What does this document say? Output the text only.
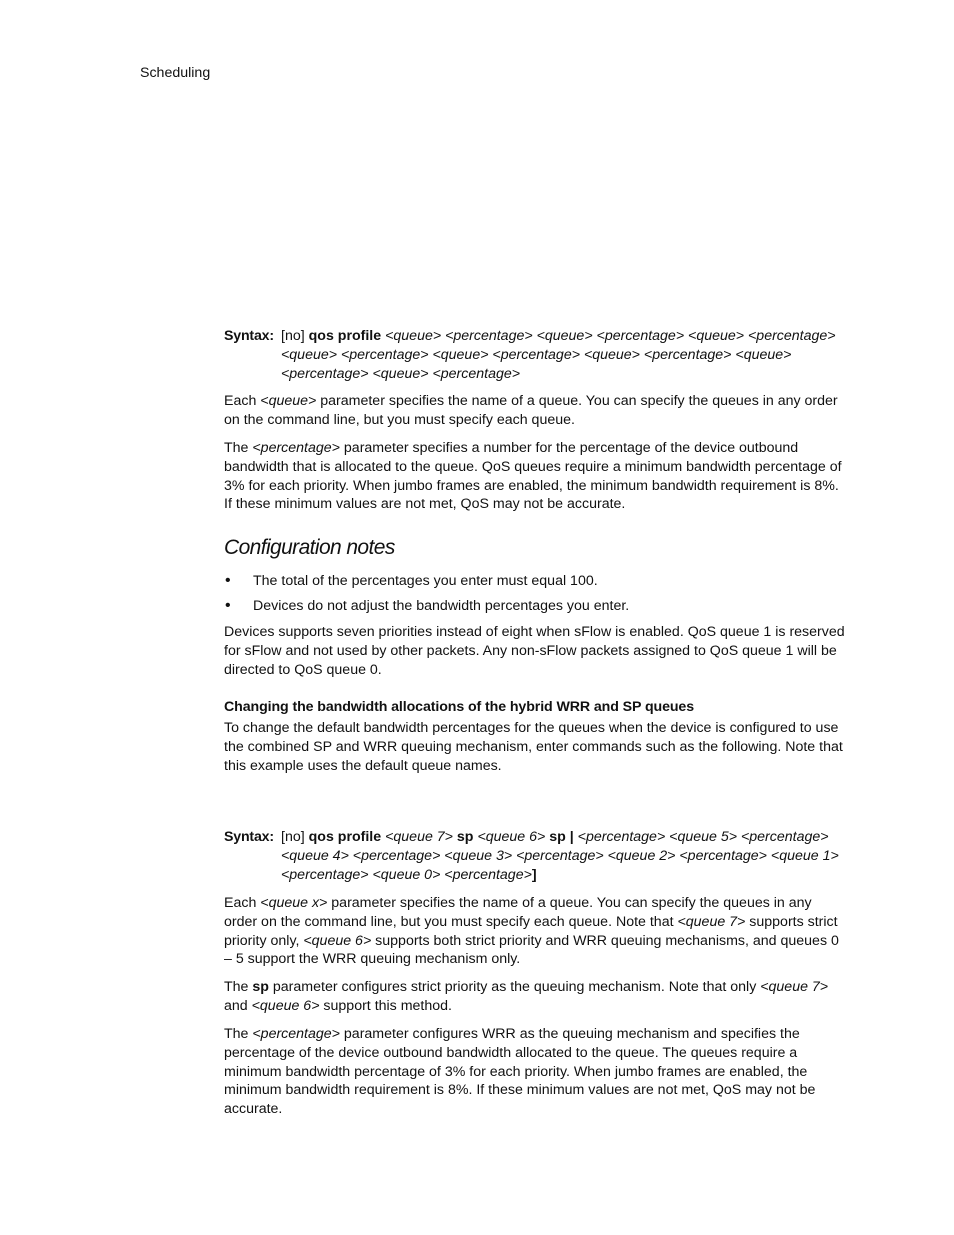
Scheduling
Syntax: [no] qos profile <queue> <percentage> <queue> <percentage> <queue> <percentage>
<queue> <percentage> <queue> <percentage> <queue> <percentage> <queue>
<percentage> <queue> <percentage>

Each <queue> parameter specifies the name of a queue. You can specify the queues in any order

on the command line, but you must specify each queue.

The <percentage> parameter specifies a number for the percentage of the device outbound

bandwidth that is allocated to the queue. QoS queues require a minimum bandwidth percentage of

3% for each priority. When jumbo frames are enabled, the minimum bandwidth requirement is 8%.

If these minimum values are not met, QoS may not be accurate.

Configuration notes
•	The total of the percentages you enter must equal 100.
•	Devices do not adjust the bandwidth percentages you enter.

Devices supports seven priorities instead of eight when sFlow is enabled. QoS queue 1 is reserved

for sFlow and not used by other packets. Any non-sFlow packets assigned to QoS queue 1 will be

directed to QoS queue 0.

Changing the bandwidth allocations of the hybrid WRR and SP queues

To change the default bandwidth percentages for the queues when the device is configured to use

the combined SP and WRR queuing mechanism, enter commands such as the following. Note that

this example uses the default queue names.

Syntax: [no] qos profile <queue 7> sp <queue 6> sp | <percentage> <queue 5> <percentage>
<queue 4> <percentage> <queue 3> <percentage> <queue 2> <percentage> <queue 1>
<percentage> <queue 0> <percentage>]

Each <queue x> parameter specifies the name of a queue. You can specify the queues in any

order on the command line, but you must specify each queue. Note that <queue 7> supports strict

priority only, <queue 6> supports both strict priority and WRR queuing mechanisms, and queues 0

– 5 support the WRR queuing mechanism only.

The sp parameter configures strict priority as the queuing mechanism. Note that only <queue 7>

and <queue 6> support this method.

The <percentage> parameter configures WRR as the queuing mechanism and specifies the

percentage of the device outbound bandwidth allocated to the queue. The queues require a

minimum bandwidth percentage of 3% for each priority. When jumbo frames are enabled, the

minimum bandwidth requirement is 8%. If these minimum values are not met, QoS may not be

accurate.
